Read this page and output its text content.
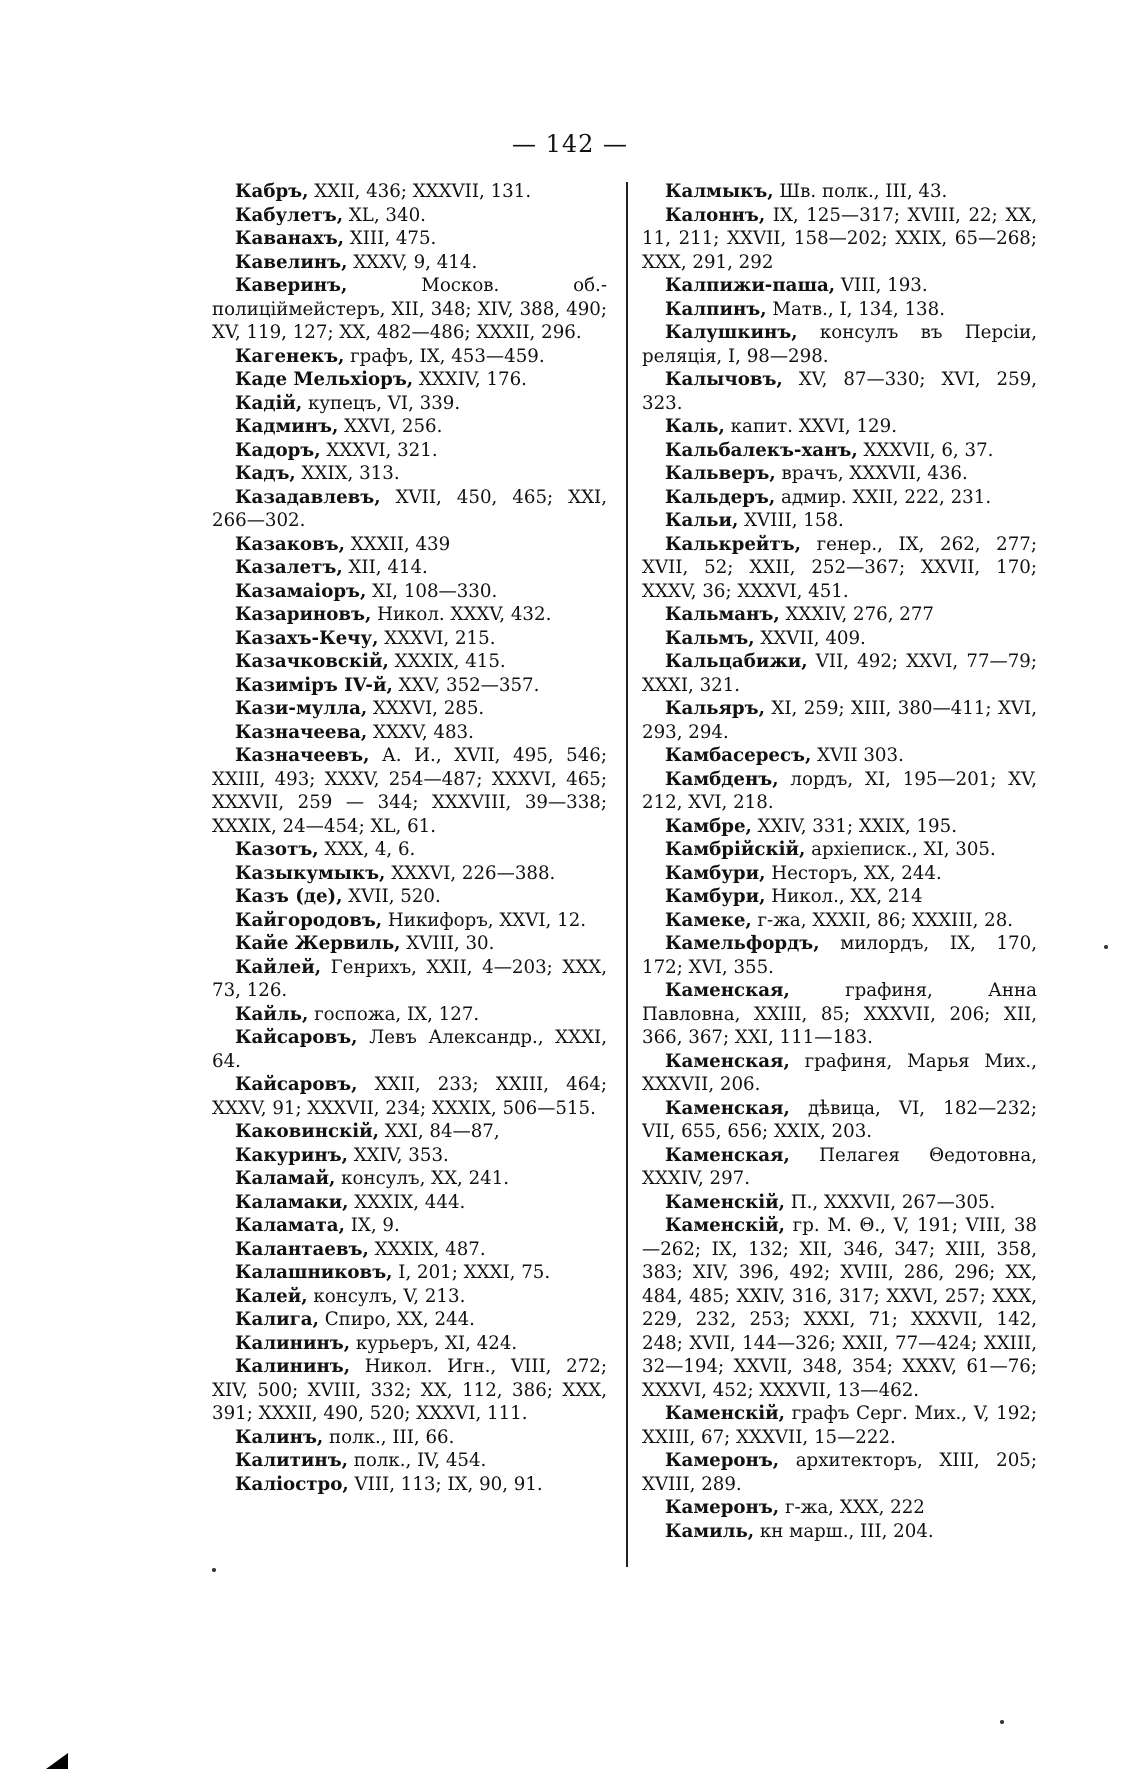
— 142 —

Кабръ, XXII, 436; XXXVII, 131.

Кабулетъ, XL, 340.

Каванахъ, XIII, 475.

Кавелинъ, XXXV, 9, 414.

Каверинъ, Москов. об.-полиціймейстеръ, XII, 348; XIV, 388, 490; XV, 119, 127; XX, 482—486; XXXII, 296.

Кагенекъ, графъ, IX, 453—459.

Каде Мельхіоръ, XXXIV, 176.

Кадій, купецъ, VI, 339.

Кадминъ, XXVI, 256.

Кадоръ, XXXVI, 321.

Кадъ, XXIX, 313.

Казадавлевъ, XVII, 450, 465; XXI, 266—302.

Казаковъ, XXXII, 439

Казалетъ, XII, 414.

Казамаіоръ, XI, 108—330.

Казариновъ, Никол. XXXV, 432.

Казахъ-Кечу, XXXVI, 215.

Казачковскій, XXXIX, 415.

Казиміръ IV-й, XXV, 352—357.

Кази-мулла, XXXVI, 285.

Казначеева, XXXV, 483.

Казначеевъ, А. И., XVII, 495, 546; XXIII, 493; XXXV, 254—487; XXXVI, 465; XXXVII, 259 — 344; XXXVIII, 39—338; XXXIX, 24—454; XL, 61.

Казотъ, XXX, 4, 6.

Казыкумыкъ, XXXVI, 226—388.

Казъ (де), XVII, 520.

Кайгородовъ, Никифоръ, XXVI, 12.

Кайе Жервиль, XVIII, 30.

Кайлей, Генрихъ, XXII, 4—203; XXX, 73, 126.

Кайль, госпожа, IX, 127.

Кайсаровъ, Левъ Александр., XXXI, 64.

Кайсаровъ, XXII, 233; XXIII, 464; XXXV, 91; XXXVII, 234; XXXIX, 506—515.

Каковинскій, XXI, 84—87,

Какуринъ, XXIV, 353.

Каламай, консулъ, XX, 241.

Каламаки, XXXIX, 444.

Каламата, IX, 9.

Калантаевъ, XXXIX, 487.

Калашниковъ, I, 201; XXXI, 75.

Калей, консулъ, V, 213.

Калига, Спиро, XX, 244.

Калининъ, курьеръ, XI, 424.

Калининъ, Никол. Игн., VIII, 272; XIV, 500; XVIII, 332; XX, 112, 386; XXX, 391; XXXII, 490, 520; XXXVI, 111.

Калинъ, полк., III, 66.

Калитинъ, полк., IV, 454.

Каліостро, VIII, 113; IX, 90, 91.

Калмыкъ, Шв. полк., III, 43.

Калоннъ, IX, 125—317; XVIII, 22; XX, 11, 211; XXVII, 158—202; XXIX, 65—268; XXX, 291, 292

Калпижи-паша, VIII, 193.

Калпинъ, Матв., I, 134, 138.

Калушкинъ, консулъ въ Персіи, реляція, I, 98—298.

Калычовъ, XV, 87—330; XVI, 259, 323.

Каль, капит. XXVI, 129.

Кальбалекъ-ханъ, XXXVII, 6, 37.

Кальверъ, врачъ, XXXVII, 436.

Кальдеръ, адмир. XXII, 222, 231.

Кальи, XVIII, 158.

Калькрейтъ, генер., IX, 262, 277; XVII, 52; XXII, 252—367; XXVII, 170; XXXV, 36; XXXVI, 451.

Кальманъ, XXXIV, 276, 277

Кальмъ, XXVII, 409.

Кальцабижи, VII, 492; XXVI, 77—79; XXXI, 321.

Кальяръ, XI, 259; XIII, 380—411; XVI, 293, 294.

Камбасересъ, XVII 303.

Камбденъ, лордъ, XI, 195—201; XV, 212, XVI, 218.

Камбре, XXIV, 331; XXIX, 195.

Камбрійскій, архіеписк., XI, 305.

Камбури, Несторъ, XX, 244.

Камбури, Никол., XX, 214

Камеке, г-жа, XXXII, 86; XXXIII, 28.

Камельфордъ, милордъ, IX, 170, 172; XVI, 355.

Каменская, графиня, Анна Павловна, XXIII, 85; XXXVII, 206; XII, 366, 367; XXI, 111—183.

Каменская, графиня, Марья Мих., XXXVII, 206.

Каменская, дѣвица, VI, 182—232; VII, 655, 656; XXIX, 203.

Каменская, Пелагея Θедотовна, XXXIV, 297.

Каменскій, П., XXXVII, 267—305.

Каменскій, гр. М. Θ., V, 191; VIII, 38—262; IX, 132; XII, 346, 347; XIII, 358, 383; XIV, 396, 492; XVIII, 286, 296; XX, 484, 485; XXIV, 316, 317; XXVI, 257; XXX, 229, 232, 253; XXXI, 71; XXXVII, 142, 248; XVII, 144—326; XXII, 77—424; XXIII, 32—194; XXVII, 348, 354; XXXV, 61—76; XXXVI, 452; XXXVII, 13—462.

Каменскій, графъ Серг. Мих., V, 192; XXIII, 67; XXXVII, 15—222.

Камеронъ, архитекторъ, XIII, 205; XVIII, 289.

Камеронъ, г-жа, XXX, 222

Камиль, кн марш., III, 204.
